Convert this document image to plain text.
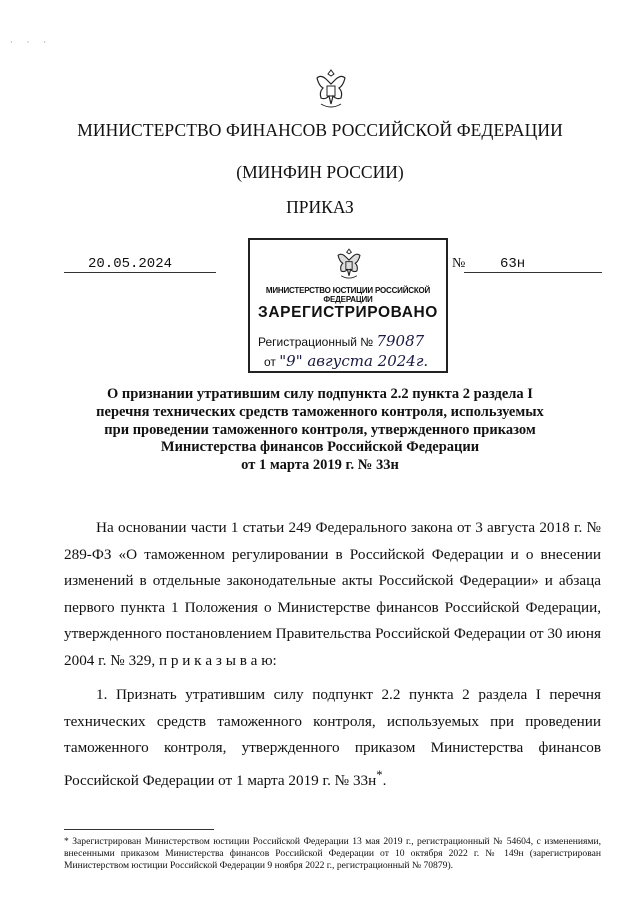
· · ·
МИНИСТЕРСТВО ФИНАНСОВ РОССИЙСКОЙ ФЕДЕРАЦИИ
(МИНФИН РОССИИ)
ПРИКАЗ
20.05.2024	№	63н
МИНИСТЕРСТВО ЮСТИЦИИ РОССИЙСКОЙ ФЕДЕРАЦИИ
ЗАРЕГИСТРИРОВАНО
Регистрационный № 79087
от "9" августа 2024г.
О признании утратившим силу подпункта 2.2 пункта 2 раздела I
перечня технических средств таможенного контроля, используемых
при проведении таможенного контроля, утвержденного приказом
Министерства финансов Российской Федерации
от 1 марта 2019 г. № 33н
На основании части 1 статьи 249 Федерального закона от 3 августа 2018 г. № 289-ФЗ «О таможенном регулировании в Российской Федерации и о внесении изменений в отдельные законодательные акты Российской Федерации» и абзаца первого пункта 1 Положения о Министерстве финансов Российской Федерации, утвержденного постановлением Правительства Российской Федерации от 30 июня 2004 г. № 329, п р и к а з ы в а ю:
1. Признать утратившим силу подпункт 2.2 пункта 2 раздела I перечня технических средств таможенного контроля, используемых при проведении таможенного контроля, утвержденного приказом Министерства финансов Российской Федерации от 1 марта 2019 г. № 33н*.
* Зарегистрирован Министерством юстиции Российской Федерации 13 мая 2019 г., регистрационный № 54604, с изменениями, внесенными приказом Министерства финансов Российской Федерации от 10 октября 2022 г. № 149н (зарегистрирован Министерством юстиции Российской Федерации 9 ноября 2022 г., регистрационный № 70879).
